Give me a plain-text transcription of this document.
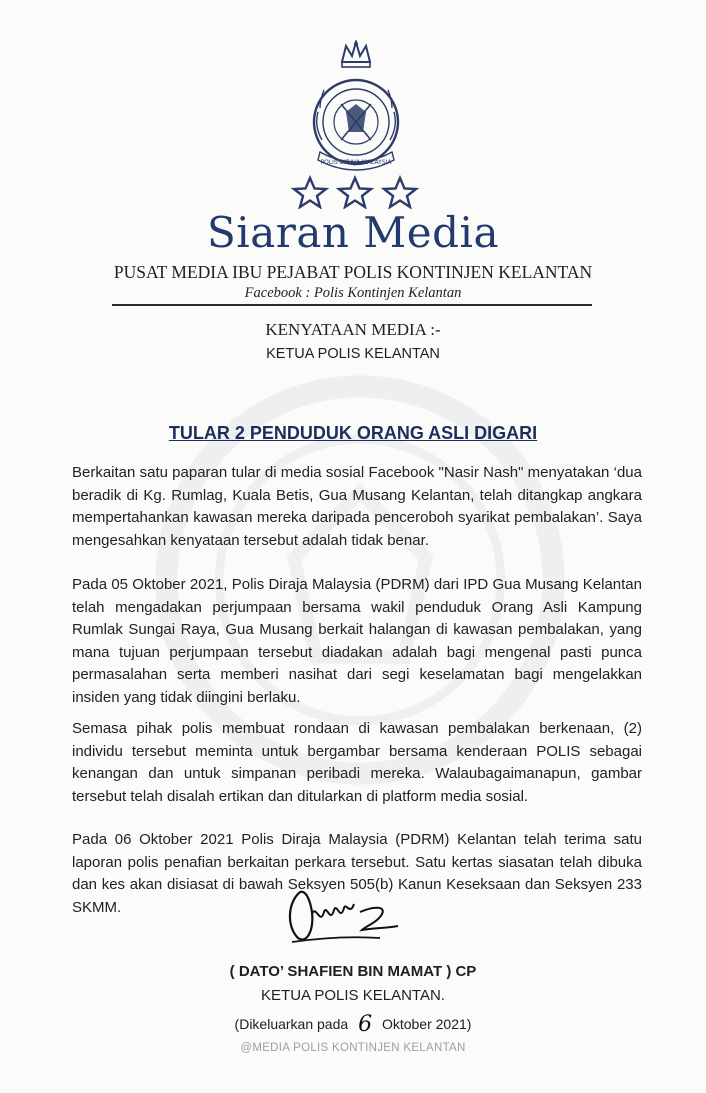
POLIS DIRAJA MALAYSIA
Siaran Media
PUSAT MEDIA IBU PEJABAT POLIS KONTINJEN KELANTAN
Facebook : Polis Kontinjen Kelantan
KENYATAAN MEDIA :-
KETUA POLIS KELANTAN
TULAR 2 PENDUDUK ORANG ASLI DIGARI
Berkaitan satu paparan tular di media sosial Facebook "Nasir Nash" menyatakan ‘dua beradik di Kg. Rumlag, Kuala Betis, Gua Musang Kelantan, telah ditangkap angkara mempertahankan kawasan mereka daripada penceroboh syarikat pembalakan’. Saya mengesahkan kenyataan tersebut adalah tidak benar.
Pada 05 Oktober 2021, Polis Diraja Malaysia (PDRM) dari IPD Gua Musang Kelantan telah mengadakan perjumpaan bersama wakil penduduk Orang Asli Kampung Rumlak Sungai Raya, Gua Musang berkait halangan di kawasan pembalakan, yang mana tujuan perjumpaan tersebut diadakan adalah bagi mengenal pasti punca permasalahan serta memberi nasihat dari segi keselamatan bagi mengelakkan insiden yang tidak diingini berlaku.
Semasa pihak polis membuat rondaan di kawasan pembalakan berkenaan, (2) individu tersebut meminta untuk bergambar bersama kenderaan POLIS sebagai kenangan dan untuk simpanan peribadi mereka. Walaubagaimanapun, gambar tersebut telah disalah ertikan dan ditularkan di platform media sosial.
Pada 06 Oktober 2021 Polis Diraja Malaysia (PDRM) Kelantan telah terima satu laporan polis penafian berkaitan perkara tersebut. Satu kertas siasatan telah dibuka dan kes akan disiasat di bawah Seksyen 505(b) Kanun Keseksaan dan Seksyen 233 SKMM.
( DATO’ SHAFIEN BIN MAMAT ) CP
KETUA POLIS KELANTAN.
(Dikeluarkan pada 6 Oktober 2021)
@MEDIA POLIS KONTINJEN KELANTAN
